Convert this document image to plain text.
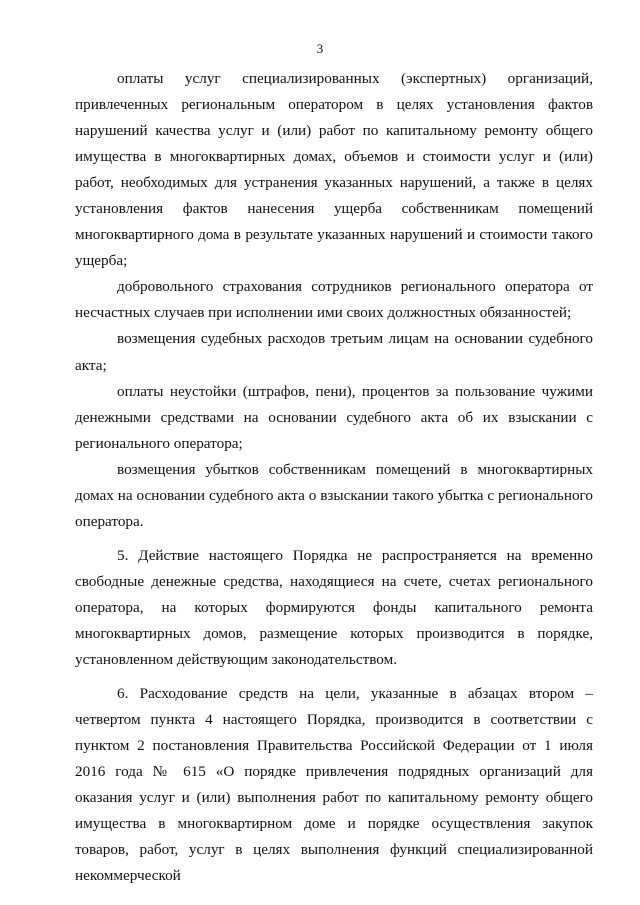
3

оплаты услуг специализированных (экспертных) организаций, привлеченных региональным оператором в целях установления фактов нарушений качества услуг и (или) работ по капитальному ремонту общего имущества в многоквартирных домах, объемов и стоимости услуг и (или) работ, необходимых для устранения указанных нарушений, а также в целях установления фактов нанесения ущерба собственникам помещений многоквартирного дома в результате указанных нарушений и стоимости такого ущерба;

добровольного страхования сотрудников регионального оператора от несчастных случаев при исполнении ими своих должностных обязанностей;

возмещения судебных расходов третьим лицам на основании судебного акта;

оплаты неустойки (штрафов, пени), процентов за пользование чужими денежными средствами на основании судебного акта об их взыскании с регионального оператора;

возмещения убытков собственникам помещений в многоквартирных домах на основании судебного акта о взыскании такого убытка с регионального оператора.

5. Действие настоящего Порядка не распространяется на временно свободные денежные средства, находящиеся на счете, счетах регионального оператора, на которых формируются фонды капитального ремонта многоквартирных домов, размещение которых производится в порядке, установленном действующим законодательством.

6. Расходование средств на цели, указанные в абзацах втором – четвертом пункта 4 настоящего Порядка, производится в соответствии с пунктом 2 постановления Правительства Российской Федерации от 1 июля 2016 года № 615 «О порядке привлечения подрядных организаций для оказания услуг и (или) выполнения работ по капитальному ремонту общего имущества в многоквартирном доме и порядке осуществления закупок товаров, работ, услуг в целях выполнения функций специализированной некоммерческой
